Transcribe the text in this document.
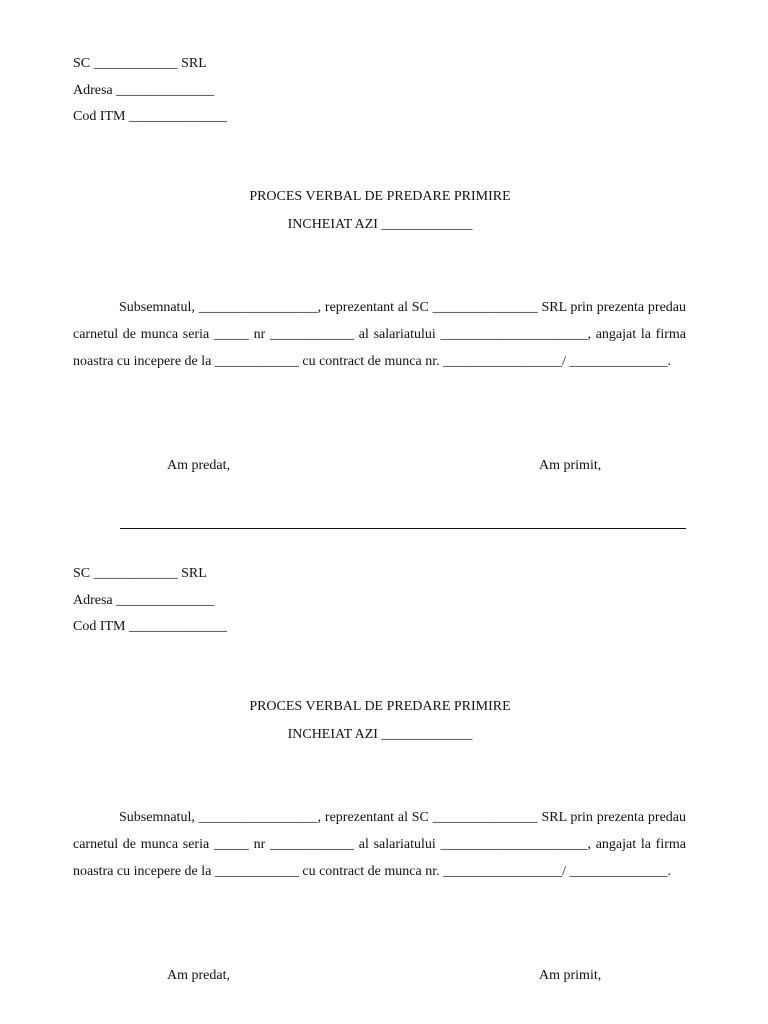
SC ____________ SRL
Adresa ______________
Cod ITM ______________
PROCES VERBAL DE PREDARE PRIMIRE
INCHEIAT AZI _____________
Subsemnatul, _________________, reprezentant al SC _______________ SRL prin prezenta predau carnetul de munca seria _____ nr ____________ al salariatului _____________________, angajat la firma noastra cu incepere de la ____________ cu contract de munca nr. _________________/ ______________.
Am predat,	Am primit,
SC ____________ SRL
Adresa ______________
Cod ITM ______________
PROCES VERBAL DE PREDARE PRIMIRE
INCHEIAT AZI _____________
Subsemnatul, _________________, reprezentant al SC _______________ SRL prin prezenta predau carnetul de munca seria _____ nr ____________ al salariatului _____________________, angajat la firma noastra cu incepere de la ____________ cu contract de munca nr. _________________/ ______________.
Am predat,	Am primit,
